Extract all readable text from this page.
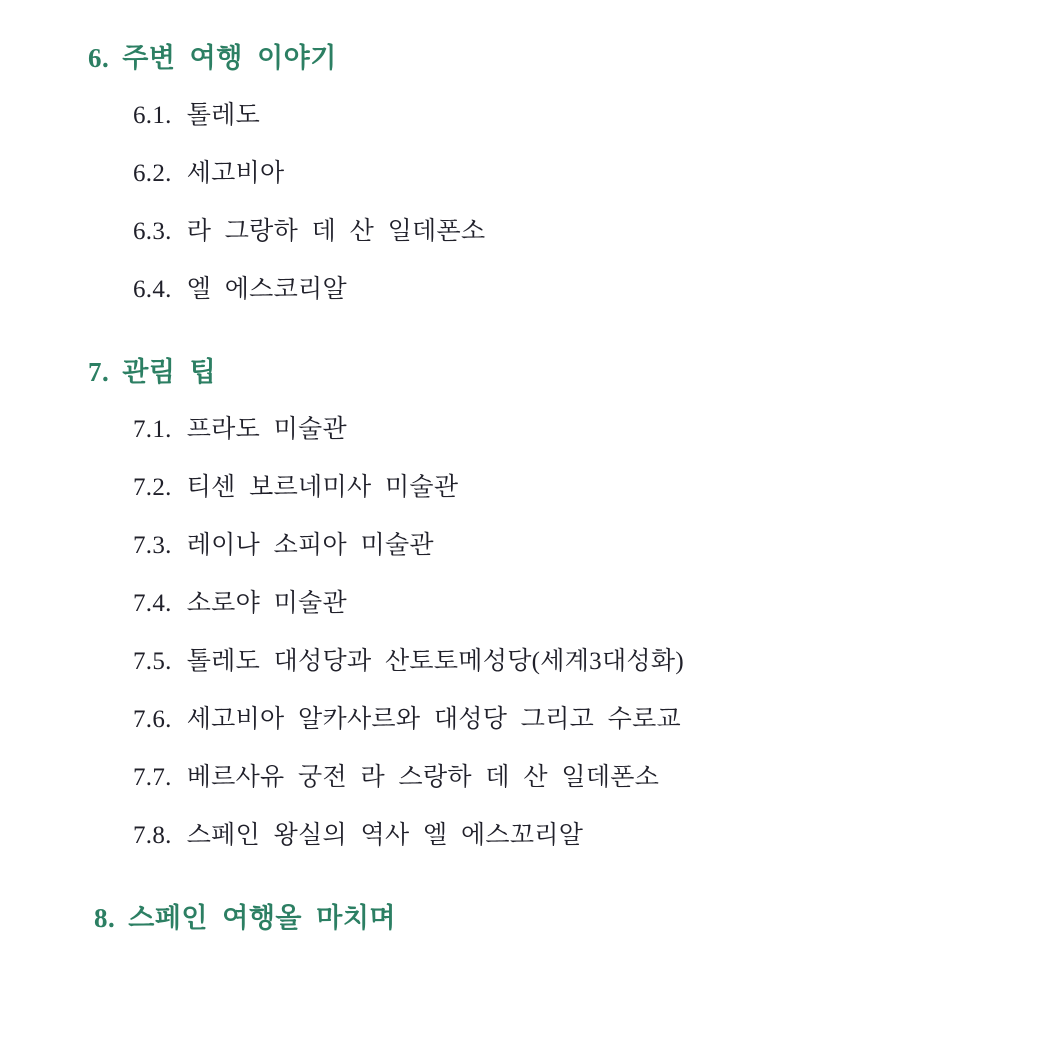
6. 주변 여행 이야기
6.1. 톨레도
6.2. 세고비아
6.3. 라 그랑하 데 산 일데폰소
6.4. 엘 에스코리알
7. 관림 팁
7.1. 프라도 미술관
7.2. 티센 보르네미사 미술관
7.3. 레이나 소피아 미술관
7.4. 소로야 미술관
7.5. 톨레도 대성당과 산토토메성당(세계3대성화)
7.6. 세고비아 알카사르와 대성당 그리고 수로교
7.7. 베르사유 궁전 라 스랑하 데 산 일데폰소
7.8. 스페인 왕실의 역사 엘 에스꼬리알
8. 스페인 여행올 마치며
